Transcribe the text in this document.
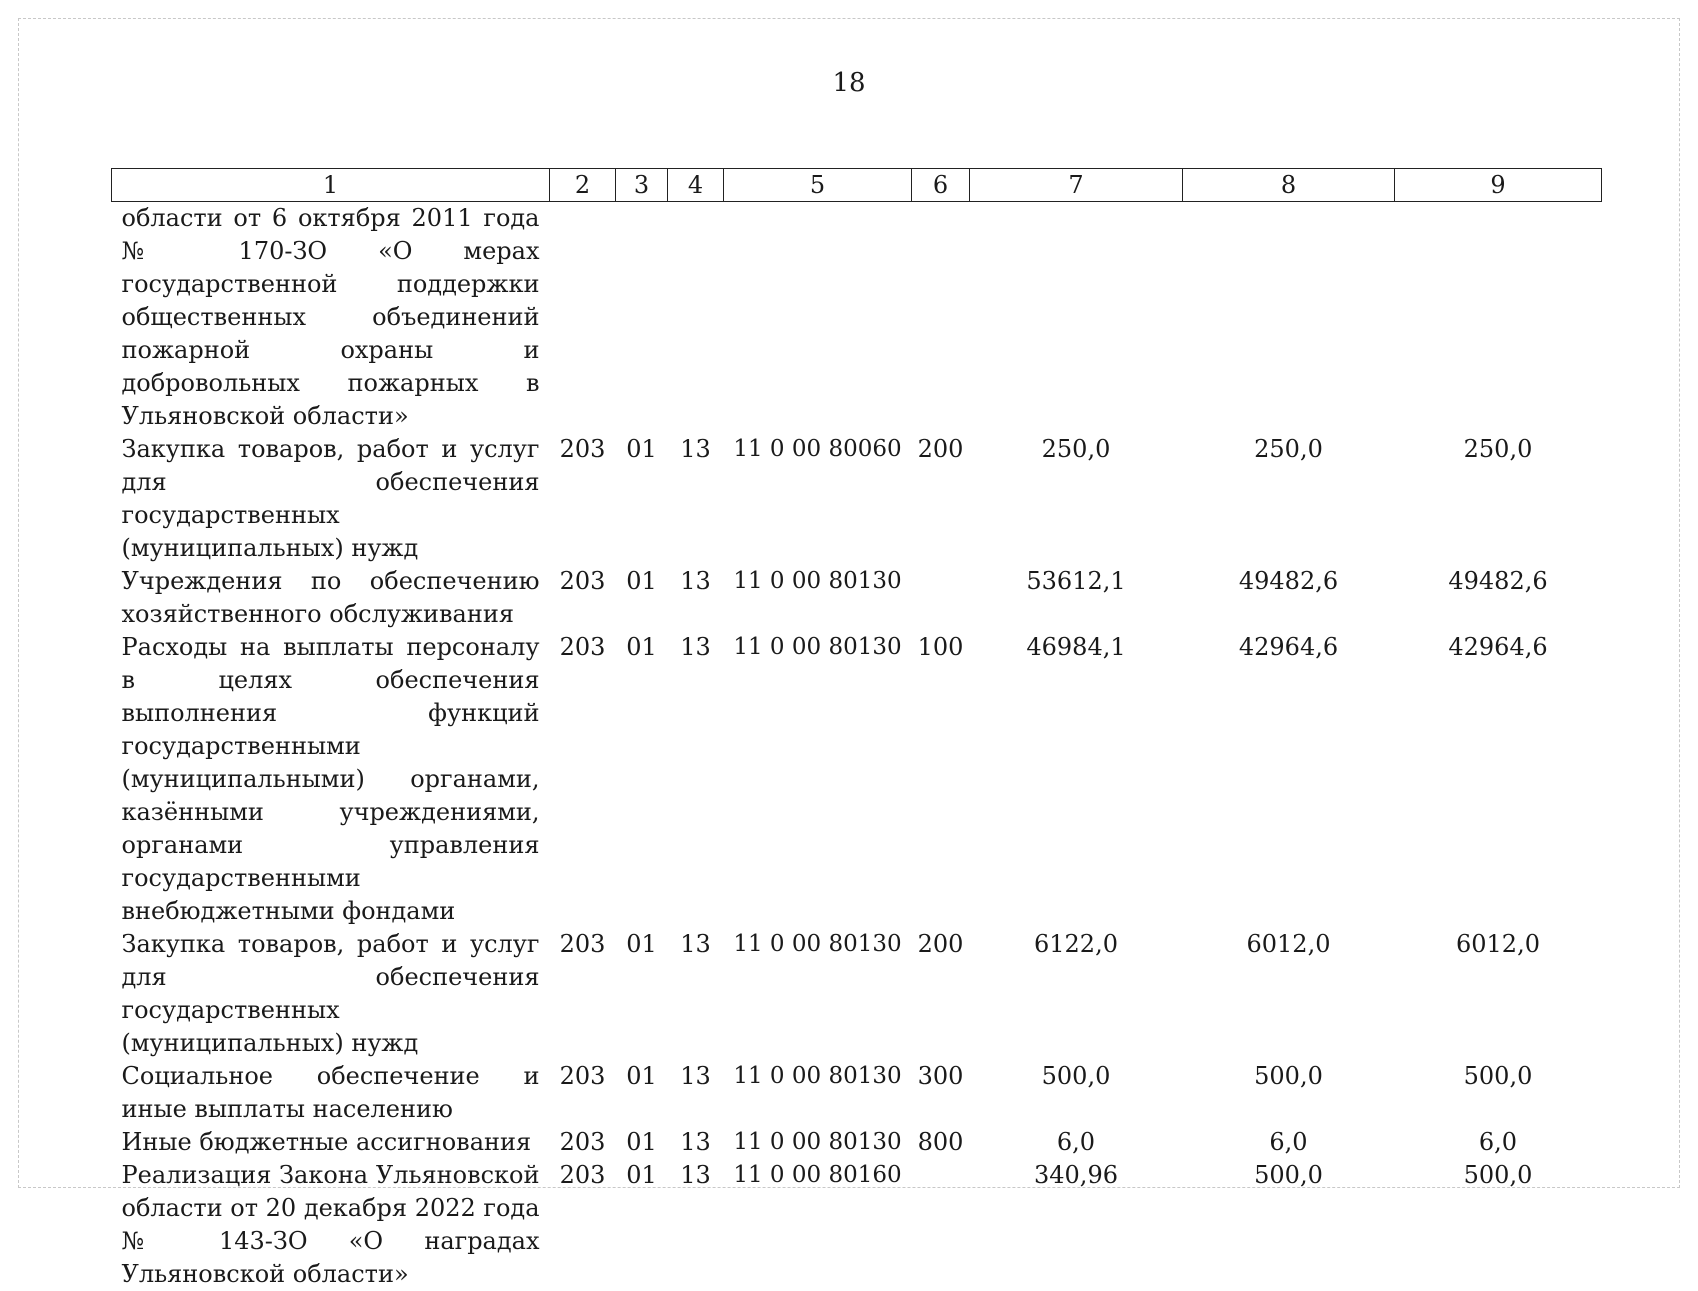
18
1	2	3	4	5	6	7	8	9
области от 6 октября 2011 года № 170-ЗО «О мерах государственной поддержки общественных объединений пожарной охраны и добровольных пожарных в Ульяновской области»								
Закупка товаров, работ и услуг для обеспечения государственных (муниципальных) нужд	203	01	13	11 0 00 80060	200	250,0	250,0	250,0
Учреждения по обеспечению хозяйственного обслуживания	203	01	13	11 0 00 80130		53612,1	49482,6	49482,6
Расходы на выплаты персоналу в целях обеспечения выполнения функций государственными (муниципальными) органами, казёнными учреждениями, органами управления государственными внебюджетными фондами	203	01	13	11 0 00 80130	100	46984,1	42964,6	42964,6
Закупка товаров, работ и услуг для обеспечения государственных (муниципальных) нужд	203	01	13	11 0 00 80130	200	6122,0	6012,0	6012,0
Социальное обеспечение и иные выплаты населению	203	01	13	11 0 00 80130	300	500,0	500,0	500,0
Иные бюджетные ассигнования	203	01	13	11 0 00 80130	800	6,0	6,0	6,0
Реализация Закона Ульяновской области от 20 декабря 2022 года № 143-ЗО «О наградах Ульяновской области»	203	01	13	11 0 00 80160		340,96	500,0	500,0
